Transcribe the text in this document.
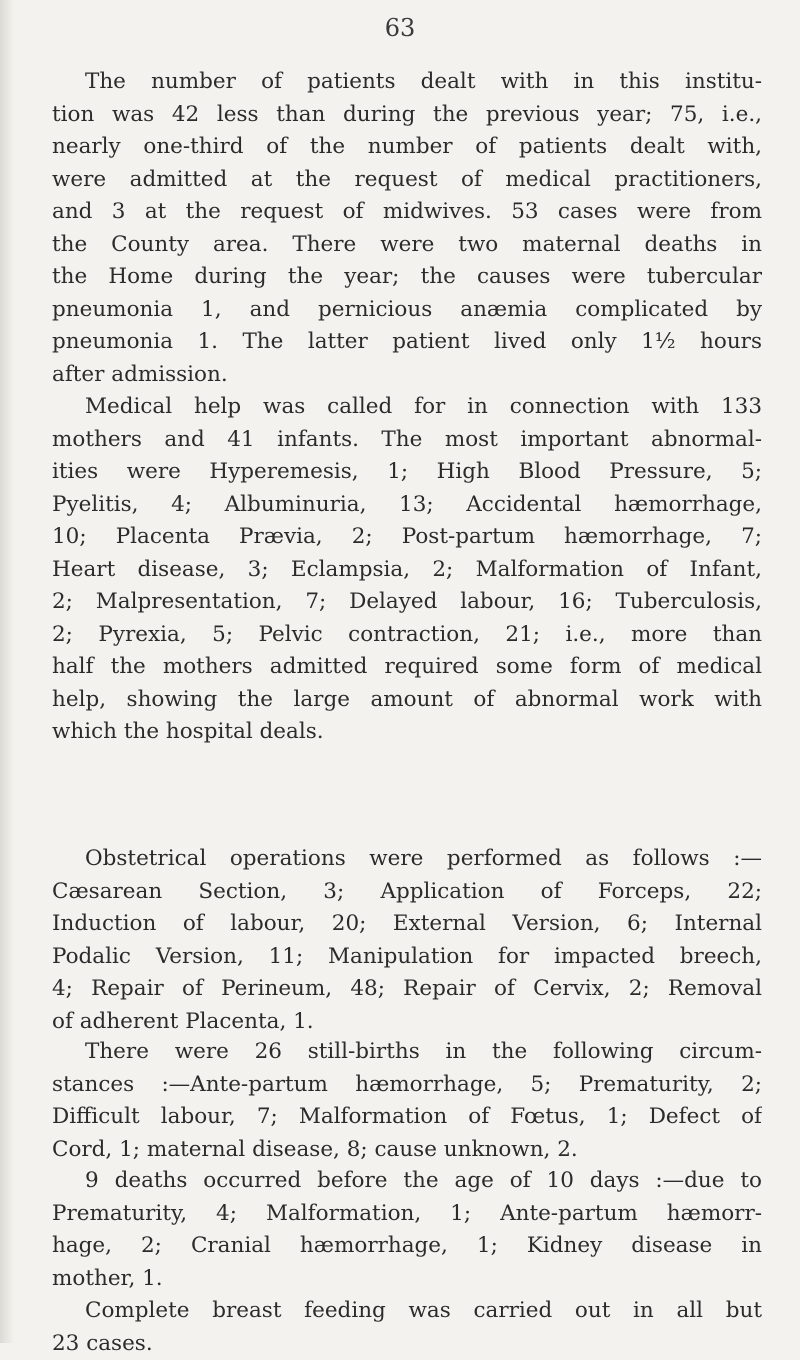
63
The number of patients dealt with in this institu-
tion was 42 less than during the previous year; 75, i.e.,
nearly one-third of the number of patients dealt with,
were admitted at the request of medical practitioners,
and 3 at the request of midwives. 53 cases were from
the County area. There were two maternal deaths in
the Home during the year; the causes were tubercular
pneumonia 1, and pernicious anæmia complicated by
pneumonia 1. The latter patient lived only 1½ hours
after admission.
Medical help was called for in connection with 133
mothers and 41 infants. The most important abnormal-
ities were Hyperemesis, 1; High Blood Pressure, 5;
Pyelitis, 4; Albuminuria, 13; Accidental hæmorrhage,
10; Placenta Prævia, 2; Post-partum hæmorrhage, 7;
Heart disease, 3; Eclampsia, 2; Malformation of Infant,
2; Malpresentation, 7; Delayed labour, 16; Tuberculosis,
2; Pyrexia, 5; Pelvic contraction, 21; i.e., more than
half the mothers admitted required some form of medical
help, showing the large amount of abnormal work with
which the hospital deals.
Obstetrical operations were performed as follows :—
Cæsarean Section, 3; Application of Forceps, 22;
Induction of labour, 20; External Version, 6; Internal
Podalic Version, 11; Manipulation for impacted breech,
4; Repair of Perineum, 48; Repair of Cervix, 2; Removal
of adherent Placenta, 1.
There were 26 still-births in the following circum-
stances :—Ante-partum hæmorrhage, 5; Prematurity, 2;
Difficult labour, 7; Malformation of Fœtus, 1; Defect of
Cord, 1; maternal disease, 8; cause unknown, 2.
9 deaths occurred before the age of 10 days :—due to
Prematurity, 4; Malformation, 1; Ante-partum hæmorr-
hage, 2; Cranial hæmorrhage, 1; Kidney disease in
mother, 1.
Complete breast feeding was carried out in all but
23 cases.
